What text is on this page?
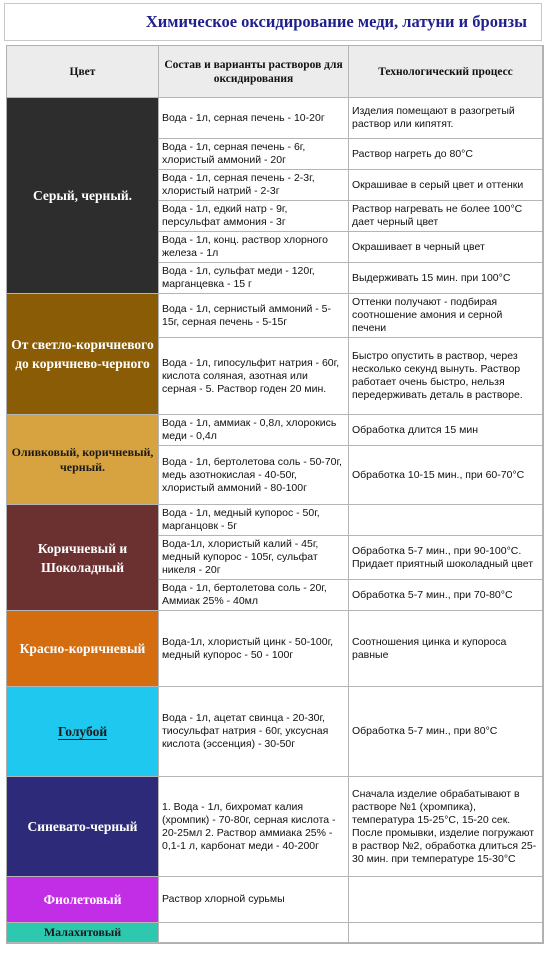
Химическое оксидирование меди, латуни и бронзы
Цвет	Состав и варианты растворов для оксидирования	Технологический процесс
Серый, черный.	Вода - 1л, серная печень - 10-20г	Изделия помещают в разогретый раствор или кипятят.
	Вода - 1л, серная печень - 6г, хлористый аммоний - 20г	Раствор нагреть до 80°С
	Вода - 1л, серная печень - 2-3г, хлористый натрий - 2-3г	Окрашивае в серый цвет и оттенки
	Вода - 1л, едкий натр - 9г, персульфат аммония - 3г	Раствор нагревать не более 100°С дает черный цвет
	Вода - 1л, конц. раствор хлорного железа - 1л	Окрашивает в черный цвет
	Вода - 1л, сульфат меди - 120г, марганцевка - 15 г	Выдерживать 15 мин. при 100°С
От светло-коричневого до коричнево-черного	Вода - 1л, сернистый аммоний - 5-15г, серная печень - 5-15г	Оттенки получают - подбирая соотношение амония и серной печени
	Вода - 1л, гипосульфит натрия - 60г, кислота соляная, азотная или серная - 5. Раствор годен 20 мин.	Быстро опустить в раствор, через несколько секунд вынуть. Раствор работает очень быстро, нельзя передерживать деталь в растворе.
Оливковый, коричневый, черный.	Вода - 1л, аммиак - 0,8л, хлорокись меди - 0,4л	Обработка длится 15 мин
	Вода - 1л, бертолетова соль - 50-70г, медь азотнокислая - 40-50г, хлористый аммоний - 80-100г	Обработка 10-15 мин., при 60-70°С
Коричневый и Шоколадный	Вода - 1л, медный купорос - 50г, марганцовк - 5г	
	Вода-1л, хлористый калий - 45г, медный купорос - 105г, сульфат никеля - 20г	Обработка 5-7 мин., при 90-100°С. Придает приятный шоколадный цвет
	Вода - 1л, бертолетова соль - 20г, Аммиак 25% - 40мл	Обработка 5-7 мин., при 70-80°С
Красно-коричневый	Вода-1л, хлористый цинк - 50-100г, медный купорос - 50 - 100г	Соотношения цинка и купороса равные
Голубой	Вода - 1л, ацетат свинца - 20-30г, тиосульфат натрия - 60г, уксусная кислота (эссенция) - 30-50г	Обработка 5-7 мин., при 80°С
Синевато-черный	1. Вода - 1л, бихромат калия (хромпик) - 70-80г, серная кислота - 20-25мл 2. Раствор аммиака 25% - 0,1-1 л, карбонат меди - 40-200г	Сначала изделие обрабатывают в растворе №1 (хромпика), температура 15-25°С, 15-20 сек. После промывки, изделие погружают в раствор №2, обработка длиться 25-30 мин. при температуре 15-30°С
Фиолетовый	Раствор хлорной сурьмы	
Малахитовый		
